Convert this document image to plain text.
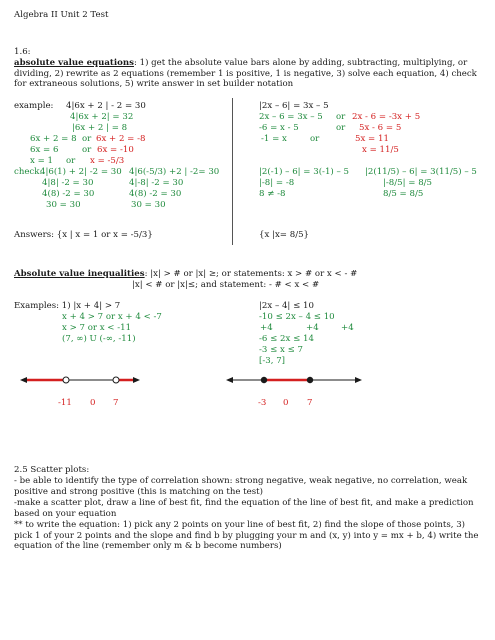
Algebra II Unit 2 Test
1.6:
absolute value equations: 1) get the absolute value bars alone by adding, subtracting, multiplying, or dividing, 2) rewrite as 2 equations (remember 1 is positive, 1 is negative, 3) solve each equation, 4) check for extraneous solutions, 5) write answer in set builder notation
example: 4|6x + 2 | - 2 = 30
4|6x + 2| = 32
|6x + 2 | = 8
6x + 2 = 8 or 6x + 2 = -8
6x = 6	or 6x = -10
x = 1 or x = -5/3
check:
4|6(1) + 2| -2 = 30 4|6(-5/3) +2 | -2= 30
4|8| -2 = 30	4|-8| -2 = 30
4(8) -2 = 30	4(8) -2 = 30
30 = 30	30 = 30
Answers: {x | x = 1 or x = -5/3}
|2x – 6| = 3x – 5
2x – 6 = 3x – 5 or 2x - 6 = -3x + 5
-6 = x - 5	or 5x - 6 = 5
-1 = x	or	5x = 11
x = 11/5
|2(-1) – 6| = 3(-1) – 5 |2(11/5) – 6| = 3(11/5) – 5
|-8| = -8	|-8/5| = 8/5
8 ≠ -8	8/5 = 8/5
{x |x= 8/5}
Absolute value inequalities: |x| > # or |x| ≥; or statements: x > # or x < - #
|x| < # or |x|≤; and statement: - # < x < #
Examples: 1) |x + 4| > 7
x + 4 > 7 or x + 4 < -7
x > 7 or x < -11
(7, ∞) U (-∞, -11)
|2x – 4| ≤ 10
-10 ≤ 2x – 4 ≤ 10
+4	+4	+4
-6 ≤ 2x ≤ 14
-3 ≤ x ≤ 7
[-3, 7]
-11 0 7	-3 0 7
2.5 Scatter plots:
- be able to identify the type of correlation shown: strong negative, weak negative, no correlation, weak positive and strong positive (this is matching on the test)
-make a scatter plot, draw a line of best fit, find the equation of the line of best fit, and make a prediction based on your equation
** to write the equation: 1) pick any 2 points on your line of best fit, 2) find the slope of those points, 3) pick 1 of your 2 points and the slope and find b by plugging your m and (x, y) into y = mx + b, 4) write the equation of the line (remember only m & b become numbers)
